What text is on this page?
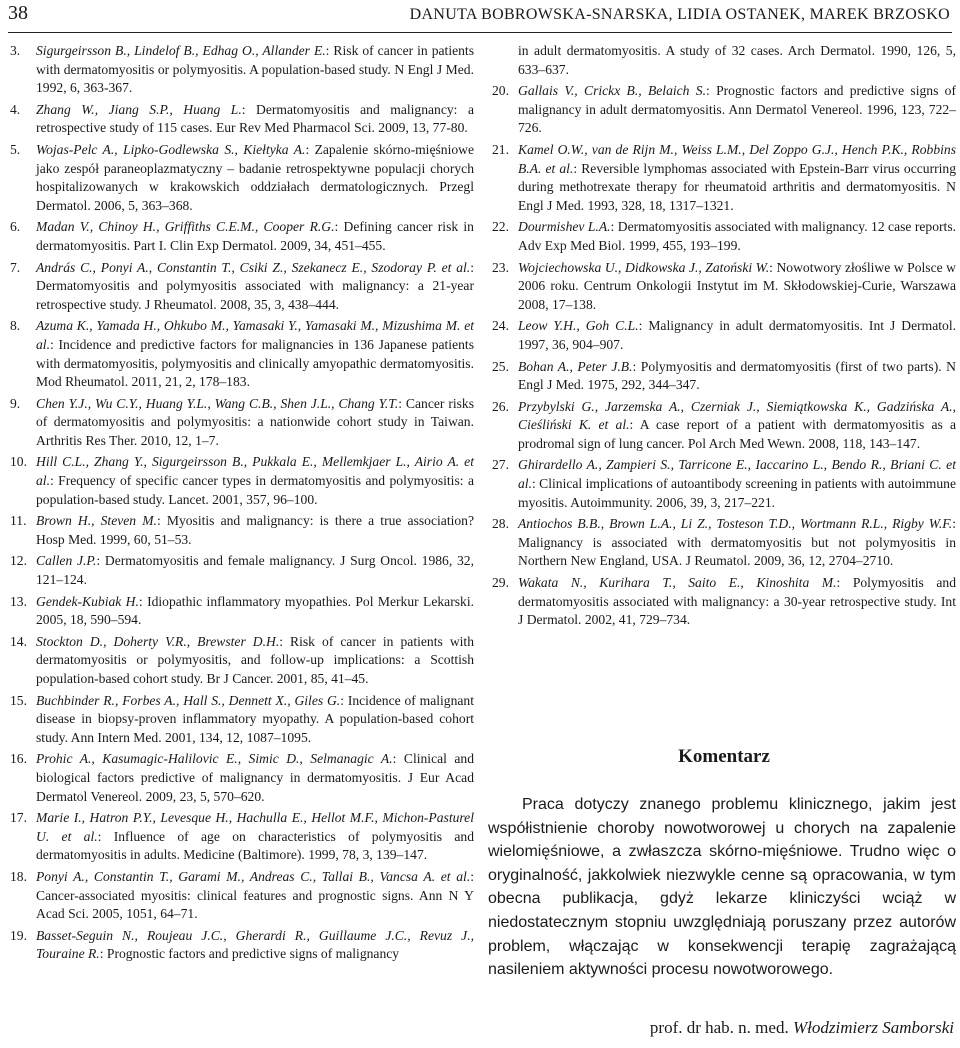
38	DANUTA BOBROWSKA-SNARSKA, LIDIA OSTANEK, MAREK BRZOSKO

3. Sigurgeirsson B., Lindelof B., Edhag O., Allander E.: Risk of cancer in patients with dermatomyositis or polymyositis. A population-based study. N Engl J Med. 1992, 6, 363-367.

4. Zhang W., Jiang S.P., Huang L.: Dermatomyositis and malignancy: a retrospective study of 115 cases. Eur Rev Med Pharmacol Sci. 2009, 13, 77-80.

5. Wojas-Pelc A., Lipko-Godlewska S., Kiełtyka A.: Zapalenie skórno-mięśniowe jako zespół paraneoplazmatyczny – badanie retrospektywne populacji chorych hospitalizowanych w krakowskich oddziałach dermatologicznych. Przegl Dermatol. 2006, 5, 363–368.

6. Madan V., Chinoy H., Griffiths C.E.M., Cooper R.G.: Defining cancer risk in dermatomyositis. Part I. Clin Exp Dermatol. 2009, 34, 451–455.

7. András C., Ponyi A., Constantin T., Csiki Z., Szekanecz E., Szodoray P. et al.: Dermatomyositis and polymyositis associated with malignancy: a 21-year retrospective study. J Rheumatol. 2008, 35, 3, 438–444.

8. Azuma K., Yamada H., Ohkubo M., Yamasaki Y., Yamasaki M., Mizushima M. et al.: Incidence and predictive factors for malignancies in 136 Japanese patients with dermatomyositis, polymyositis and clinically amyopathic dermatomyositis. Mod Rheumatol. 2011, 21, 2, 178–183.

9. Chen Y.J., Wu C.Y., Huang Y.L., Wang C.B., Shen J.L., Chang Y.T.: Cancer risks of dermatomyositis and polymyositis: a nationwide cohort study in Taiwan. Arthritis Res Ther. 2010, 12, 1–7.

10. Hill C.L., Zhang Y., Sigurgeirsson B., Pukkala E., Mellemkjaer L., Airio A. et al.: Frequency of specific cancer types in dermatomyositis and polymyositis: a population-based study. Lancet. 2001, 357, 96–100.

11. Brown H., Steven M.: Myositis and malignancy: is there a true association? Hosp Med. 1999, 60, 51–53.

12. Callen J.P.: Dermatomyositis and female malignancy. J Surg Oncol. 1986, 32, 121–124.

13. Gendek-Kubiak H.: Idiopathic inflammatory myopathies. Pol Merkur Lekarski. 2005, 18, 590–594.

14. Stockton D., Doherty V.R., Brewster D.H.: Risk of cancer in patients with dermatomyositis or polymyositis, and follow-up implications: a Scottish population-based cohort study. Br J Cancer. 2001, 85, 41–45.

15. Buchbinder R., Forbes A., Hall S., Dennett X., Giles G.: Incidence of malignant disease in biopsy-proven inflammatory myopathy. A population-based cohort study. Ann Intern Med. 2001, 134, 12, 1087–1095.

16. Prohic A., Kasumagic-Halilovic E., Simic D., Selmanagic A.: Clinical and biological factors predictive of malignancy in dermatomyositis. J Eur Acad Dermatol Venereol. 2009, 23, 5, 570–620.

17. Marie I., Hatron P.Y., Levesque H., Hachulla E., Hellot M.F., Michon-Pasturel U. et al.: Influence of age on characteristics of polymyositis and dermatomyositis in adults. Medicine (Baltimore). 1999, 78, 3, 139–147.

18. Ponyi A., Constantin T., Garami M., Andreas C., Tallai B., Vancsa A. et al.: Cancer-associated myositis: clinical features and prognostic signs. Ann N Y Acad Sci. 2005, 1051, 64–71.

19. Basset-Seguin N., Roujeau J.C., Gherardi R., Guillaume J.C., Revuz J., Touraine R.: Prognostic factors and predictive signs of malignancy

in adult dermatomyositis. A study of 32 cases. Arch Dermatol. 1990, 126, 5, 633–637.

20. Gallais V., Crickx B., Belaich S.: Prognostic factors and predictive signs of malignancy in adult dermatomyositis. Ann Dermatol Venereol. 1996, 123, 722–726.

21. Kamel O.W., van de Rijn M., Weiss L.M., Del Zoppo G.J., Hench P.K., Robbins B.A. et al.: Reversible lymphomas associated with Epstein-Barr virus occurring during methotrexate therapy for rheumatoid arthritis and dermatomyositis. N Engl J Med. 1993, 328, 18, 1317–1321.

22. Dourmishev L.A.: Dermatomyositis associated with malignancy. 12 case reports. Adv Exp Med Biol. 1999, 455, 193–199.

23. Wojciechowska U., Didkowska J., Zatoński W.: Nowotwory złośliwe w Polsce w 2006 roku. Centrum Onkologii Instytut im M. Skłodowskiej-Curie, Warszawa 2008, 17–138.

24. Leow Y.H., Goh C.L.: Malignancy in adult dermatomyositis. Int J Dermatol. 1997, 36, 904–907.

25. Bohan A., Peter J.B.: Polymyositis and dermatomyositis (first of two parts). N Engl J Med. 1975, 292, 344–347.

26. Przybylski G., Jarzemska A., Czerniak J., Siemiątkowska K., Gadzińska A., Cieśliński K. et al.: A case report of a patient with dermatomyositis as a prodromal sign of lung cancer. Pol Arch Med Wewn. 2008, 118, 143–147.

27. Ghirardello A., Zampieri S., Tarricone E., Iaccarino L., Bendo R., Briani C. et al.: Clinical implications of autoantibody screening in patients with autoimmune myositis. Autoimmunity. 2006, 39, 3, 217–221.

28. Antiochos B.B., Brown L.A., Li Z., Tosteson T.D., Wortmann R.L., Rigby W.F.: Malignancy is associated with dermatomyositis but not polymyositis in Northern New England, USA. J Reumatol. 2009, 36, 12, 2704–2710.

29. Wakata N., Kurihara T., Saito E., Kinoshita M.: Polymyositis and dermatomyositis associated with malignancy: a 30-year retrospective study. Int J Dermatol. 2002, 41, 729–734.

Komentarz

Praca dotyczy znanego problemu klinicznego, jakim jest współistnienie choroby nowotworowej u chorych na zapalenie wielomięśniowe, a zwłaszcza skórno-mięśniowe. Trudno więc o oryginalność, jakkolwiek niezwykle cenne są opracowania, w tym obecna publikacja, gdyż lekarze kliniczyści wciąż w niedostatecznym stopniu uwzględniają poruszany przez autorów problem, włączając w konsekwencji terapię zagrażającą nasileniem aktywności procesu nowotworowego.

prof. dr hab. n. med. Włodzimierz Samborski
